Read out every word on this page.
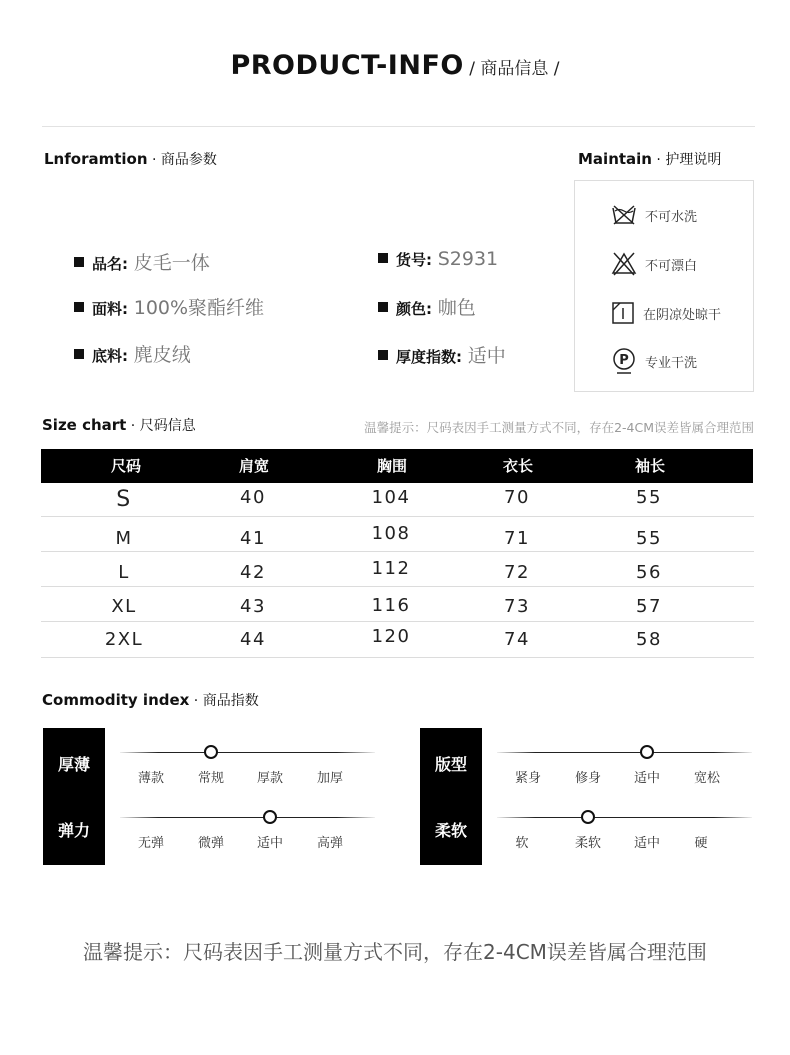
PRODUCT-INFO / 商品信息 /
Lnforamtion · 商品参数	Maintain · 护理说明
品名: 皮毛一体	货号: S2931
面料: 100%聚酯纤维	颜色: 咖色
底料: 麂皮绒	厚度指数: 适中
不可水洗
不可漂白
在阴凉处晾干
P 专业干洗
Size chart · 尺码信息	温馨提示：尺码表因手工测量方式不同，存在2-4CM误差皆属合理范围
尺码	肩宽	胸围	衣长	袖长
S	40	104	70	55
M	41	108	71	55
L	42	112	72	56
XL	43	116	73	57
2XL	44	120	74	58
Commodity index · 商品指数
厚薄
弹力
版型
柔软
薄款	常规	厚款	加厚
无弹	微弹	适中	高弹
紧身	修身	适中	宽松
软	柔软	适中	硬
温馨提示：尺码表因手工测量方式不同，存在2-4CM误差皆属合理范围
